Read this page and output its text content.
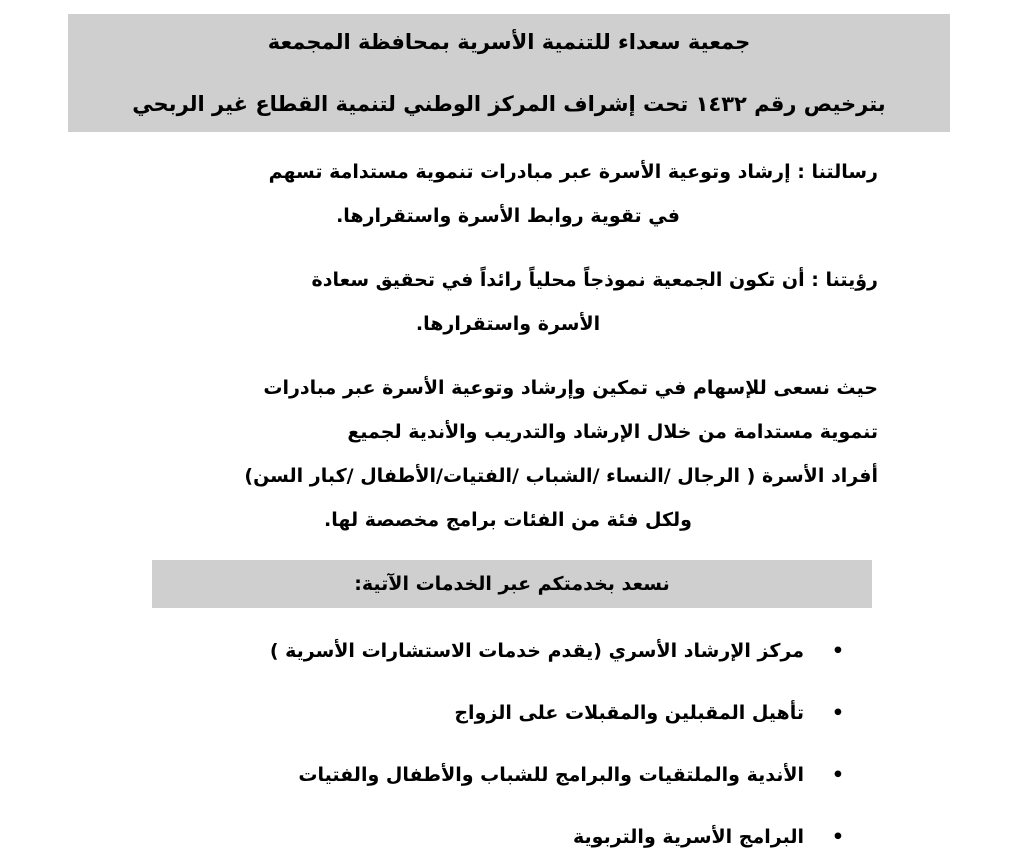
جمعية سعداء للتنمية الأسرية بمحافظة المجمعة
بترخيص رقم ١٤٣٢ تحت إشراف المركز الوطني لتنمية القطاع غير الربحي
رسالتنا : إرشاد وتوعية الأسرة عبر مبادرات تنموية مستدامة تسهم
في تقوية روابط الأسرة واستقرارها.
رؤيتنا : أن تكون الجمعية نموذجاً محلياً رائداً في تحقيق سعادة
الأسرة واستقرارها.
حيث نسعى للإسهام في تمكين وإرشاد وتوعية الأسرة عبر مبادرات
تنموية مستدامة من خلال الإرشاد والتدريب والأندية لجميع
أفراد الأسرة ( الرجال /النساء /الشباب /الفتيات/الأطفال /كبار السن)
ولكل فئة من الفئات برامج مخصصة لها.
نسعد بخدمتكم عبر الخدمات الآتية:
•مركز الإرشاد الأسري (يقدم خدمات الاستشارات الأسرية )
•تأهيل المقبلين والمقبلات على الزواج
•الأندية والملتقيات والبرامج للشباب والأطفال والفتيات
•البرامج الأسرية والتربوية
